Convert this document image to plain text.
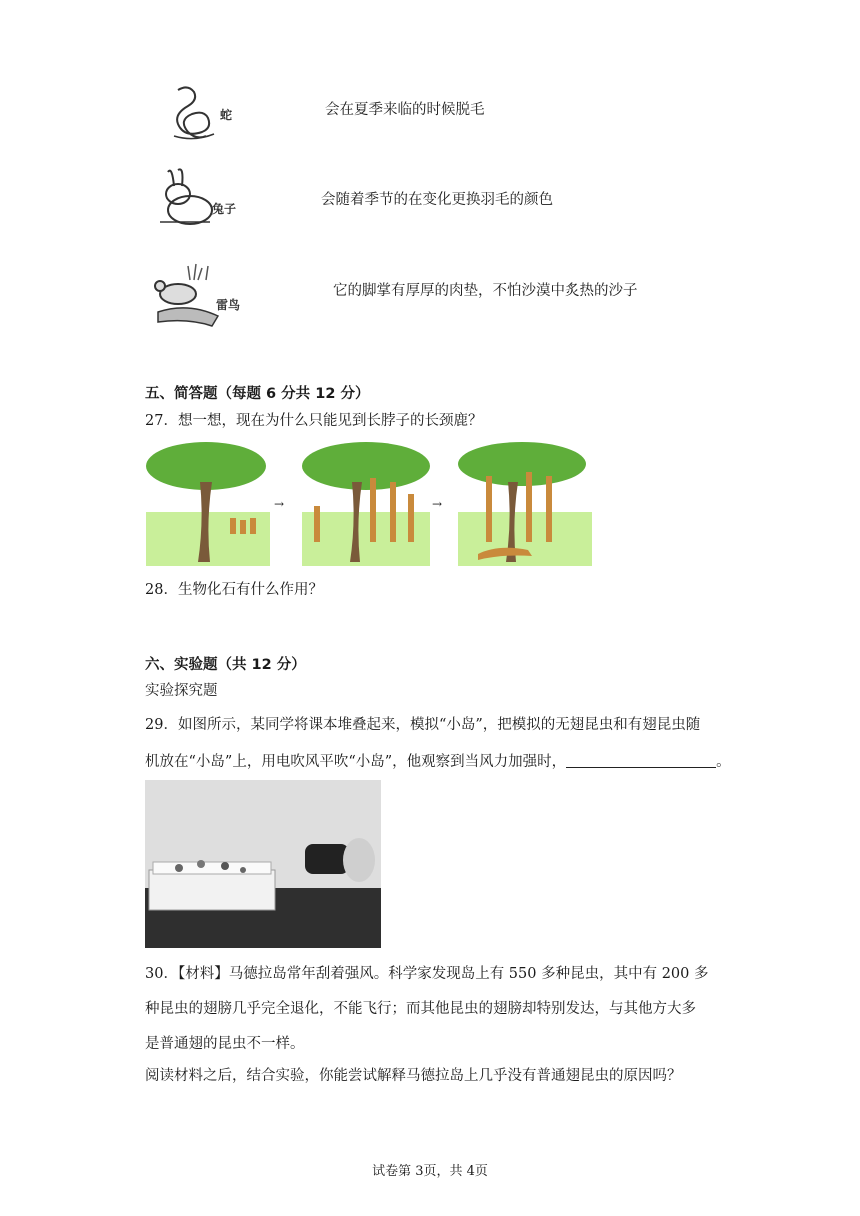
蛇
兔子
雷鸟
会在夏季来临的时候脱毛
会随着季节的在变化更换羽毛的颜色
它的脚掌有厚厚的肉垫，不怕沙漠中炙热的沙子
五、简答题（每题 6 分共 12 分）
27．想一想，现在为什么只能见到长脖子的长颈鹿？
→	→
28．生物化石有什么作用？
六、实验题（共 12 分）
实验探究题
29．如图所示，某同学将课本堆叠起来，模拟“小岛”，把模拟的无翅昆虫和有翅昆虫随
机放在“小岛”上，用电吹风平吹“小岛”，他观察到当风力加强时，	。
30．【材料】马德拉岛常年刮着强风。科学家发现岛上有 550 多种昆虫，其中有 200 多
种昆虫的翅膀几乎完全退化，不能飞行；而其他昆虫的翅膀却特别发达，与其他方大多
是普通翅的昆虫不一样。
阅读材料之后，结合实验，你能尝试解释马德拉岛上几乎没有普通翅昆虫的原因吗？
试卷第 3页，共 4页
